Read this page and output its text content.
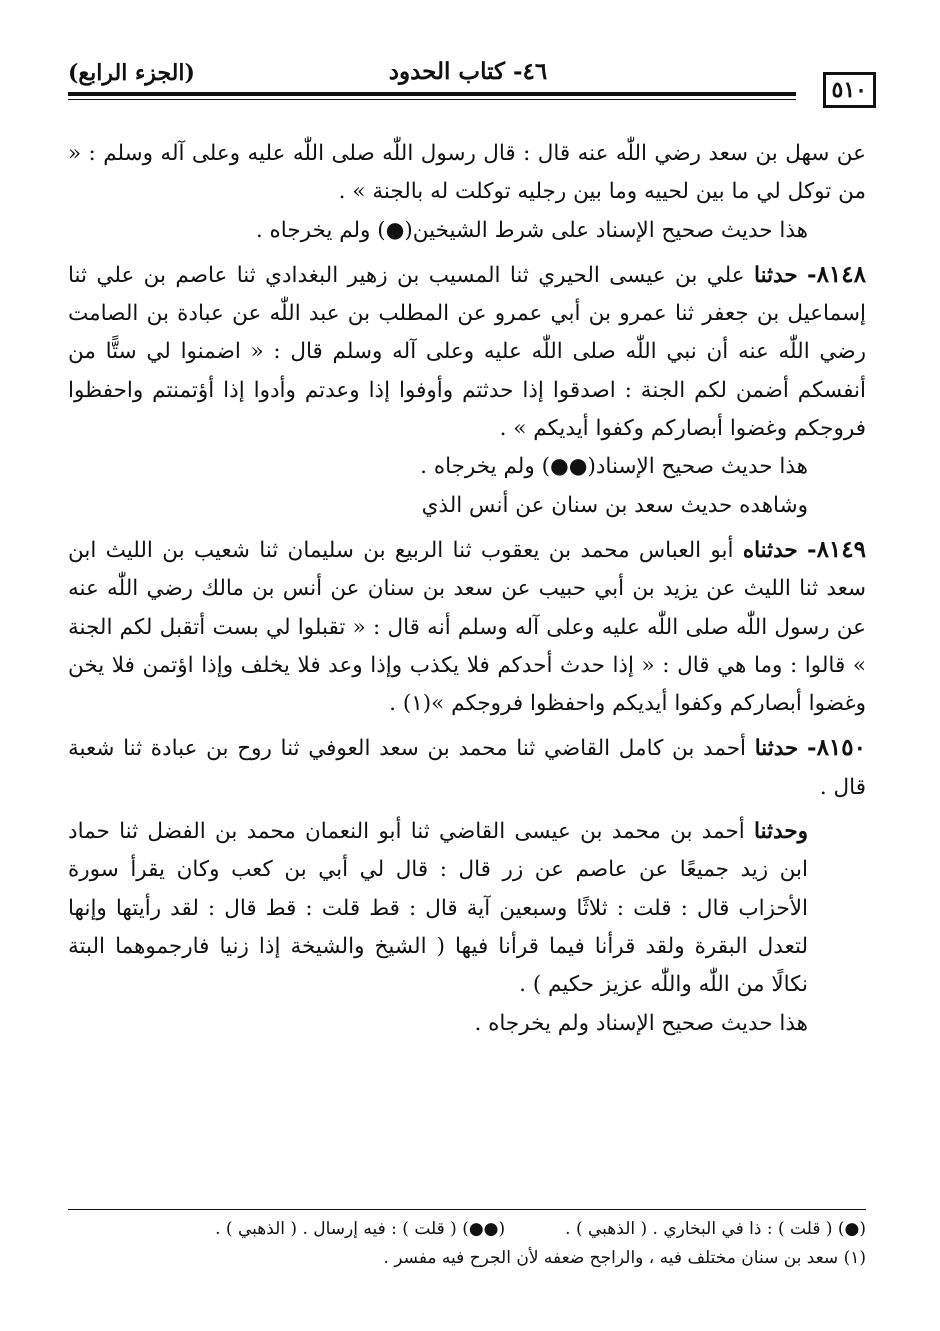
٥١٠
٤٦- كتاب الحدود
(الجزء الرابع)

عن سهل بن سعد رضي اللّٰه عنه قال : قال رسول اللّٰه صلى اللّٰه عليه وعلى آله وسلم : « من توكل لي ما بين لحييه وما بين رجليه توكلت له بالجنة » .

هذا حديث صحيح الإسناد على شرط الشيخين(●) ولم يخرجاه .

٨١٤٨- حدثنا علي بن عيسى الحيري ثنا المسيب بن زهير البغدادي ثنا عاصم بن علي ثنا إسماعيل بن جعفر ثنا عمرو بن أبي عمرو عن المطلب بن عبد اللّٰه عن عبادة بن الصامت رضي اللّٰه عنه أن نبي اللّٰه صلى اللّٰه عليه وعلى آله وسلم قال : « اضمنوا لي ستًّا من أنفسكم أضمن لكم الجنة : اصدقوا إذا حدثتم وأوفوا إذا وعدتم وأدوا إذا أؤتمنتم واحفظوا فروجكم وغضوا أبصاركم وكفوا أيديكم » .

هذا حديث صحيح الإسناد(●●) ولم يخرجاه .

وشاهده حديث سعد بن سنان عن أنس الذي

٨١٤٩- حدثناه أبو العباس محمد بن يعقوب ثنا الربيع بن سليمان ثنا شعيب بن الليث ابن سعد ثنا الليث عن يزيد بن أبي حبيب عن سعد بن سنان عن أنس بن مالك رضي اللّٰه عنه عن رسول اللّٰه صلى اللّٰه عليه وعلى آله وسلم أنه قال : « تقبلوا لي بست أتقبل لكم الجنة » قالوا : وما هي قال : « إذا حدث أحدكم فلا يكذب وإذا وعد فلا يخلف وإذا اؤتمن فلا يخن وغضوا أبصاركم وكفوا أيديكم واحفظوا فروجكم »(١) .

٨١٥٠- حدثنا أحمد بن كامل القاضي ثنا محمد بن سعد العوفي ثنا روح بن عبادة ثنا شعبة قال .

وحدثنا أحمد بن محمد بن عيسى القاضي ثنا أبو النعمان محمد بن الفضل ثنا حماد ابن زيد جميعًا عن عاصم عن زر قال : قال لي أبي بن كعب وكان يقرأ سورة الأحزاب قال : قلت : ثلاثًا وسبعين آية قال : قط قلت : قط قال : لقد رأيتها وإنها لتعدل البقرة ولقد قرأنا فيما قرأنا فيها ( الشيخ والشيخة إذا زنيا فارجموهما البتة نكالًا من اللّٰه واللّٰه عزيز حكيم ) .

هذا حديث صحيح الإسناد ولم يخرجاه .

(●) ( قلت ) : ذا في البخاري . ( الذهبي ) .(●●) ( قلت ) : فيه إرسال . ( الذهبي ) .

(١) سعد بن سنان مختلف فيه ، والراجح ضعفه لأن الجرح فيه مفسر .
